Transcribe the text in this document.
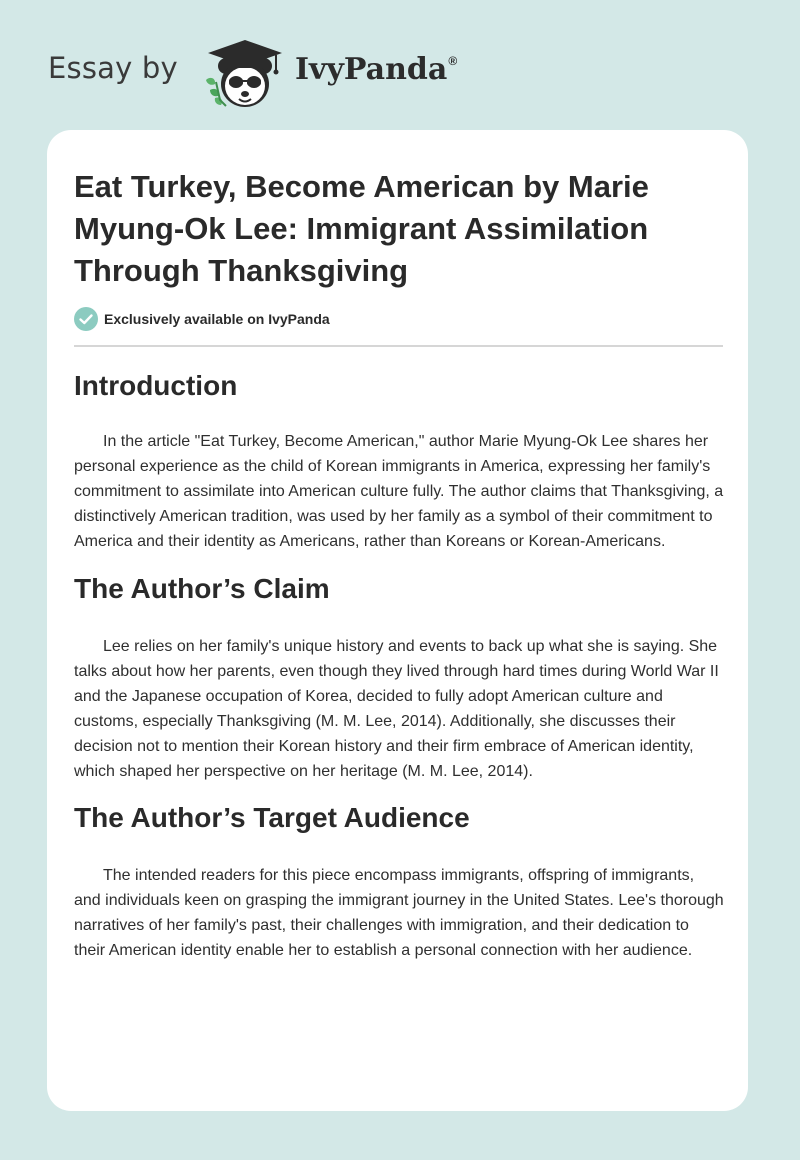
Essay by	IvyPanda®
Eat Turkey, Become American by Marie Myung-Ok Lee: Immigrant Assimilation Through Thanksgiving
Exclusively available on IvyPanda
Introduction

In the article "Eat Turkey, Become American," author Marie Myung-Ok Lee shares her personal experience as the child of Korean immigrants in America, expressing her family's commitment to assimilate into American culture fully. The author claims that Thanksgiving, a distinctively American tradition, was used by her family as a symbol of their commitment to America and their identity as Americans, rather than Koreans or Korean-Americans.

The Author’s Claim

Lee relies on her family's unique history and events to back up what she is saying. She talks about how her parents, even though they lived through hard times during World War II and the Japanese occupation of Korea, decided to fully adopt American culture and customs, especially Thanksgiving (M. M. Lee, 2014). Additionally, she discusses their decision not to mention their Korean history and their firm embrace of American identity, which shaped her perspective on her heritage (M. M. Lee, 2014).

The Author’s Target Audience

The intended readers for this piece encompass immigrants, offspring of immigrants, and individuals keen on grasping the immigrant journey in the United States. Lee's thorough narratives of her family's past, their challenges with immigration, and their dedication to their American identity enable her to establish a personal connection with her audience.
